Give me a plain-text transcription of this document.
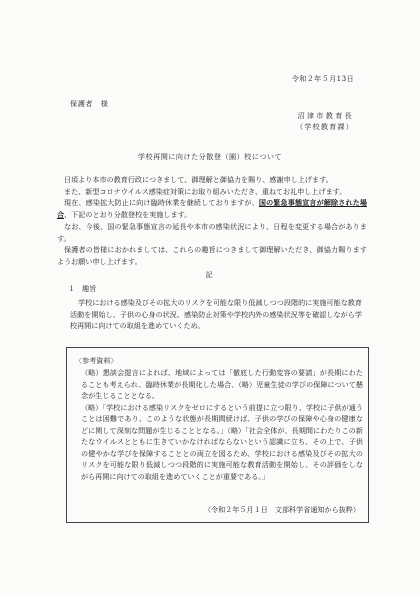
令和２年５月13日
保護者　様
沼津市教育長
（学校教育課）
学校再開に向けた分散登（園）校について

日頃より本市の教育行政につきまして、御理解と御協力を賜り、感謝申し上げます。

また、新型コロナウイルス感染症対策にお取り組みいただき、重ねてお礼申し上げます。

現在、感染拡大防止に向け臨時休業を継続しておりますが、国の緊急事態宣言が解除された場合、下記のとおり分散登校を実施します。

なお、今後、国の緊急事態宣言の延長や本市の感染状況により、日程を変更する場合があります。

保護者の皆様におかれましては、これらの趣旨につきまして御理解いただき、御協力賜りますようお願い申し上げます。

記
１　趣旨

学校における感染及びその拡大のリスクを可能な限り低減しつつ段階的に実施可能な教育活動を開始し、子供の心身の状況、感染防止対策や学校内外の感染状況等を確認しながら学校再開に向けての取組を進めていくため。

〈参考資料〉

（略）懇談会提言によれば、地域によっては「徹底した行動変容の要請」が長期にわたることも考えられ、臨時休業が長期化した場合、（略）児童生徒の学びの保障について懸念が生じることとなる。

（略）「学校における感染リスクをゼロにするという前提に立つ限り、学校に子供が通うことは困難であり、このような状態が長期間続けば、子供の学びの保障や心身の健康などに関して深刻な問題が生じることとなる。」（略）「社会全体が、長期間にわたりこの新たなウイルスとともに生きていかなければならないという認識に立ち、その上で、子供の健やかな学びを保障することとの両立を図るため、学校における感染及びその拡大のリスクを可能な限り低減しつつ段階的に実施可能な教育活動を開始し、その評価をしながら再開に向けての取組を進めていくことが重要である。」

（令和２年５月１日　文部科学省通知から抜粋）
